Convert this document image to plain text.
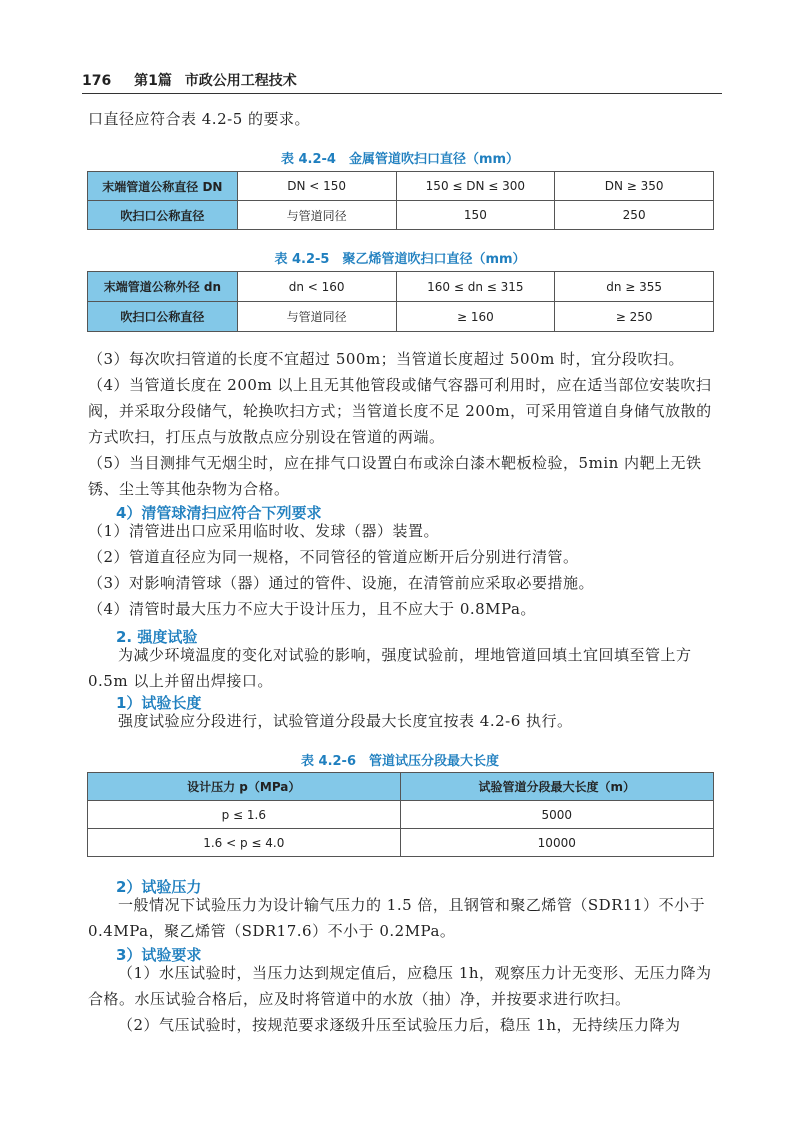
176 第1篇 市政公用工程技术
口直径应符合表 4.2-5 的要求。
表 4.2-4　金属管道吹扫口直径（mm）
末端管道公称直径 DN	DN < 150	150 ≤ DN ≤ 300	DN ≥ 350
吹扫口公称直径	与管道同径	150	250
表 4.2-5　聚乙烯管道吹扫口直径（mm）
末端管道公称外径 dn	dn < 160	160 ≤ dn ≤ 315	dn ≥ 355
吹扫口公称直径	与管道同径	≥ 160	≥ 250
（3）每次吹扫管道的长度不宜超过 500m；当管道长度超过 500m 时，宜分段吹扫。
（4）当管道长度在 200m 以上且无其他管段或储气容器可利用时，应在适当部位安装吹扫阀，并采取分段储气，轮换吹扫方式；当管道长度不足 200m，可采用管道自身储气放散的方式吹扫，打压点与放散点应分别设在管道的两端。
（5）当目测排气无烟尘时，应在排气口设置白布或涂白漆木靶板检验，5min 内靶上无铁锈、尘土等其他杂物为合格。
4）清管球清扫应符合下列要求
（1）清管进出口应采用临时收、发球（器）装置。
（2）管道直径应为同一规格，不同管径的管道应断开后分别进行清管。
（3）对影响清管球（器）通过的管件、设施，在清管前应采取必要措施。
（4）清管时最大压力不应大于设计压力，且不应大于 0.8MPa。
2. 强度试验
为减少环境温度的变化对试验的影响，强度试验前，埋地管道回填土宜回填至管上方 0.5m 以上并留出焊接口。
1）试验长度
强度试验应分段进行，试验管道分段最大长度宜按表 4.2-6 执行。
表 4.2-6　管道试压分段最大长度
设计压力 p（MPa）	试验管道分段最大长度（m）
p ≤ 1.6	5000
1.6 < p ≤ 4.0	10000
2）试验压力
一般情况下试验压力为设计输气压力的 1.5 倍，且钢管和聚乙烯管（SDR11）不小于 0.4MPa，聚乙烯管（SDR17.6）不小于 0.2MPa。
3）试验要求
（1）水压试验时，当压力达到规定值后，应稳压 1h，观察压力计无变形、无压力降为合格。水压试验合格后，应及时将管道中的水放（抽）净，并按要求进行吹扫。
（2）气压试验时，按规范要求逐级升压至试验压力后，稳压 1h，无持续压力降为
